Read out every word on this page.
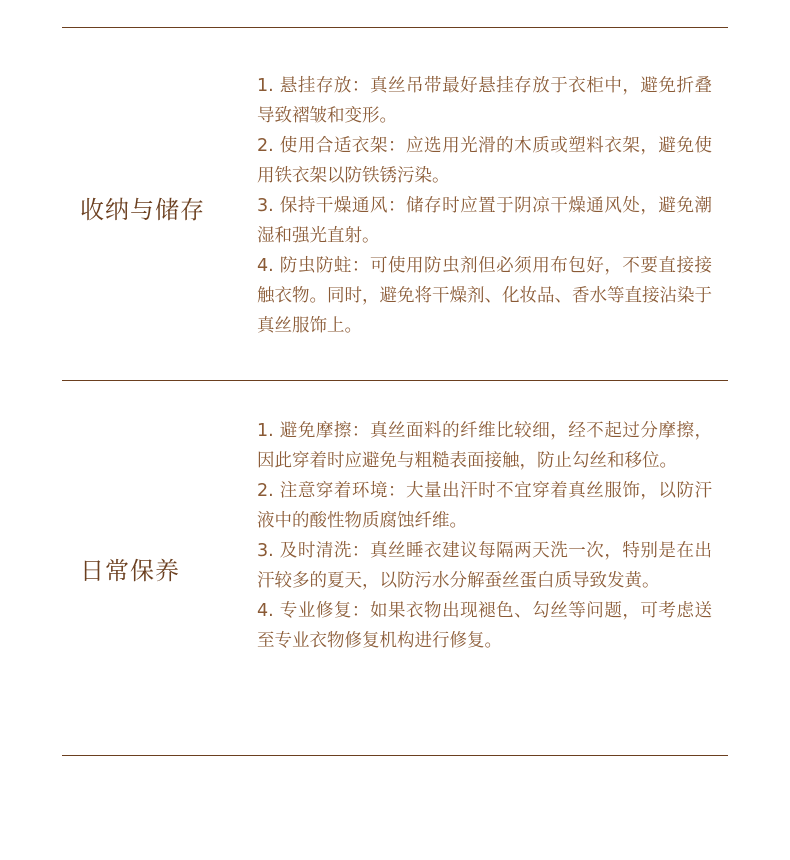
收纳与储存

1. 悬挂存放：真丝吊带最好悬挂存放于衣柜中，避免折叠导致褶皱和变形。

2. 使用合适衣架：应选用光滑的木质或塑料衣架，避免使用铁衣架以防铁锈污染。

3. 保持干燥通风：储存时应置于阴凉干燥通风处，避免潮湿和强光直射。

4. 防虫防蛀：可使用防虫剂但必须用布包好，不要直接接触衣物。同时，避免将干燥剂、化妆品、香水等直接沾染于真丝服饰上。

日常保养

1. 避免摩擦：真丝面料的纤维比较细，经不起过分摩擦，因此穿着时应避免与粗糙表面接触，防止勾丝和移位。

2. 注意穿着环境：大量出汗时不宜穿着真丝服饰，以防汗液中的酸性物质腐蚀纤维。

3. 及时清洗：真丝睡衣建议每隔两天洗一次，特别是在出汗较多的夏天，以防污水分解蚕丝蛋白质导致发黄。

4. 专业修复：如果衣物出现褪色、勾丝等问题，可考虑送至专业衣物修复机构进行修复。
